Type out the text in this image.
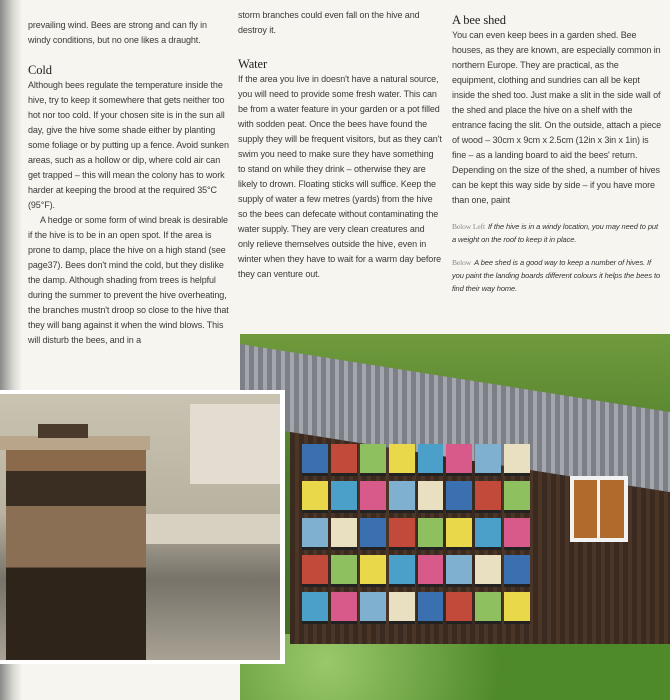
prevailing wind. Bees are strong and can fly in windy conditions, but no one likes a draught.

Cold

Although bees regulate the temperature inside the hive, try to keep it somewhere that gets neither too hot nor too cold. If your chosen site is in the sun all day, give the hive some shade either by planting some foliage or by putting up a fence. Avoid sunken areas, such as a hollow or dip, where cold air can get trapped – this will mean the colony has to work harder at keeping the brood at the required 35°C (95°F).

A hedge or some form of wind break is desirable if the hive is to be in an open spot. If the area is prone to damp, place the hive on a high stand (see page37). Bees don't mind the cold, but they dislike the damp. Although shading from trees is helpful during the summer to prevent the hive overheating, the branches mustn't droop so close to the hive that they will bang against it when the wind blows. This will disturb the bees, and in a

storm branches could even fall on the hive and destroy it.

Water

If the area you live in doesn't have a natural source, you will need to provide some fresh water. This can be from a water feature in your garden or a pot filled with sodden peat. Once the bees have found the supply they will be frequent visitors, but as they can't swim you need to make sure they have something to stand on while they drink – otherwise they are likely to drown. Floating sticks will suffice. Keep the supply of water a few metres (yards) from the hive so the bees can defecate without contaminating the water supply. They are very clean creatures and only relieve themselves outside the hive, even in winter when they have to wait for a warm day before they can venture out.

A bee shed

You can even keep bees in a garden shed. Bee houses, as they are known, are especially common in northern Europe. They are practical, as the equipment, clothing and sundries can all be kept inside the shed too. Just make a slit in the side wall of the shed and place the hive on a shelf with the entrance facing the slit. On the outside, attach a piece of wood – 30cm x 9cm x 2.5cm (12in x 3in x 1in) is fine – as a landing board to aid the bees' return. Depending on the size of the shed, a number of hives can be kept this way side by side – if you have more than one, paint

Below Left If the hive is in a windy location, you may need to put a weight on the roof to keep it in place.
Below A bee shed is a good way to keep a number of hives. If you paint the landing boards different colours it helps the bees to find their way home.
